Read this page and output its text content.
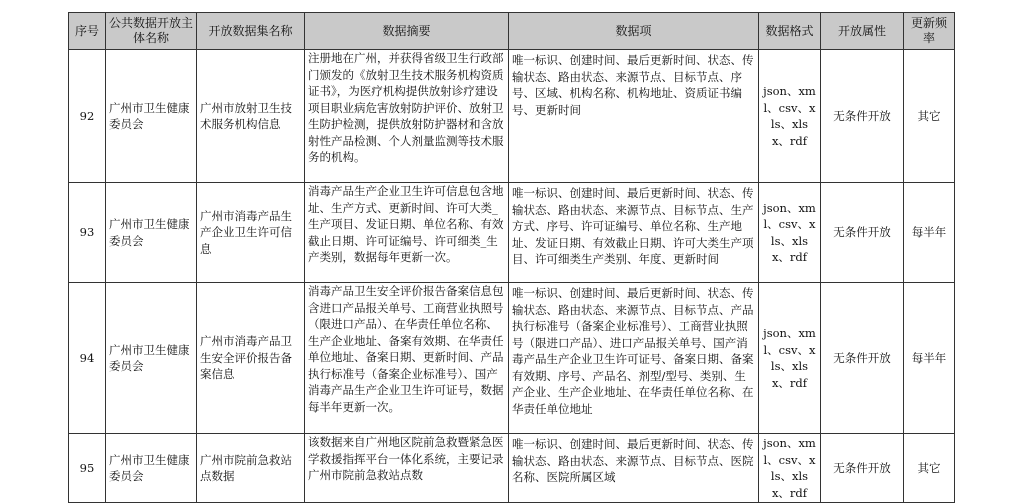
序号	公共数据开放主体名称	开放数据集名称	数据摘要	数据项	数据格式	开放属性	更新频率
92	广州市卫生健康委员会	广州市放射卫生技术服务机构信息	注册地在广州，并获得省级卫生行政部门颁发的《放射卫生技术服务机构资质证书》，为医疗机构提供放射诊疗建设项目职业病危害放射防护评价、放射卫生防护检测，提供放射防护器材和含放射性产品检测、个人剂量监测等技术服务的机构。	唯一标识、创建时间、最后更新时间、状态、传输状态、路由状态、来源节点、目标节点、序号、区域、机构名称、机构地址、资质证书编号、更新时间	json、xml、csv、xls、xlsx、rdf	无条件开放	其它
93	广州市卫生健康委员会	广州市消毒产品生产企业卫生许可信息	消毒产品生产企业卫生许可信息包含地址、生产方式、更新时间、许可大类_生产项目、发证日期、单位名称、有效截止日期、许可证编号、许可细类_生产类别，数据每年更新一次。	唯一标识、创建时间、最后更新时间、状态、传输状态、路由状态、来源节点、目标节点、生产方式、序号、许可证编号、单位名称、生产地址、发证日期、有效截止日期、许可大类生产项目、许可细类生产类别、年度、更新时间	json、xml、csv、xls、xlsx、rdf	无条件开放	每半年
94	广州市卫生健康委员会	广州市消毒产品卫生安全评价报告备案信息	消毒产品卫生安全评价报告备案信息包含进口产品报关单号、工商营业执照号（限进口产品）、在华责任单位名称、生产企业地址、备案有效期、在华责任单位地址、备案日期、更新时间、产品执行标准号（备案企业标准号）、国产消毒产品生产企业卫生许可证号，数据每半年更新一次。	唯一标识、创建时间、最后更新时间、状态、传输状态、路由状态、来源节点、目标节点、产品执行标准号（备案企业标准号）、工商营业执照号（限进口产品）、进口产品报关单号、国产消毒产品生产企业卫生许可证号、备案日期、备案有效期、序号、产品名、剂型/型号、类别、生产企业、生产企业地址、在华责任单位名称、在华责任单位地址	json、xml、csv、xls、xlsx、rdf	无条件开放	每半年
95	广州市卫生健康委员会	广州市院前急救站点数据	该数据来自广州地区院前急救暨紧急医学救援指挥平台一体化系统，主要记录广州市院前急救站点数	唯一标识、创建时间、最后更新时间、状态、传输状态、路由状态、来源节点、目标节点、医院名称、医院所属区域	json、xml、csv、xls、xlsx、rdf	无条件开放	其它
